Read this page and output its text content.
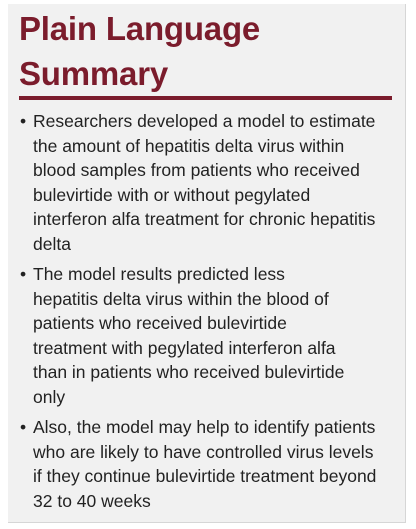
Plain Language Summary
• Researchers developed a model to estimate the amount of hepatitis delta virus within blood samples from patients who received bulevirtide with or without pegylated interferon alfa treatment for chronic hepatitis delta
• The model results predicted less hepatitis delta virus within the blood of patients who received bulevirtide treatment with pegylated interferon alfa than in patients who received bulevirtide only
• Also, the model may help to identify patients who are likely to have controlled virus levels if they continue bulevirtide treatment beyond 32 to 40 weeks
